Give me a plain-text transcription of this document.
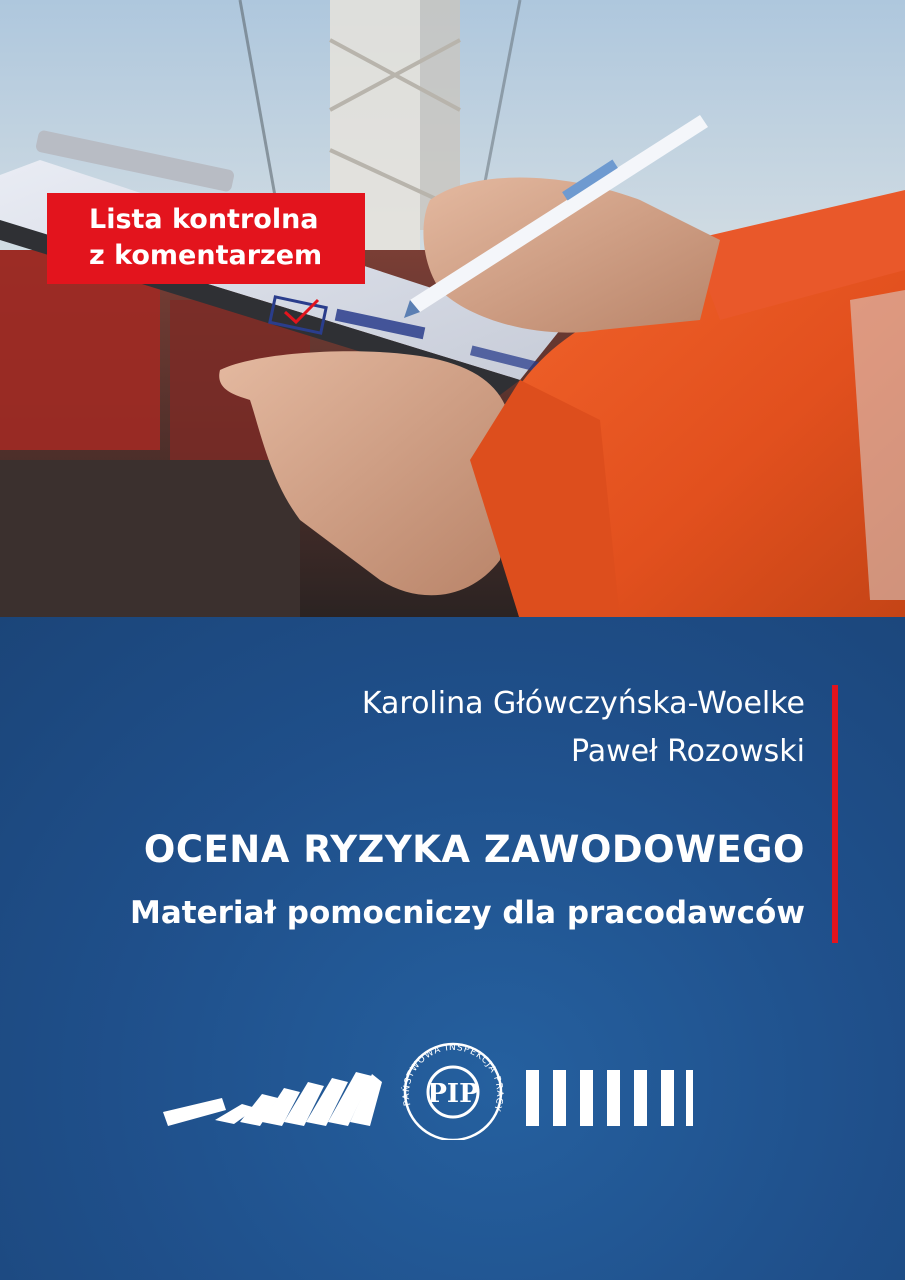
Lista kontrolna
z komentarzem
Karolina Główczyńska-Woelke
Paweł Rozowski
OCENA RYZYKA ZAWODOWEGO
Materiał pomocniczy dla pracodawców
PIP
PAŃSTWOWA INSPEKCJA PRACY
